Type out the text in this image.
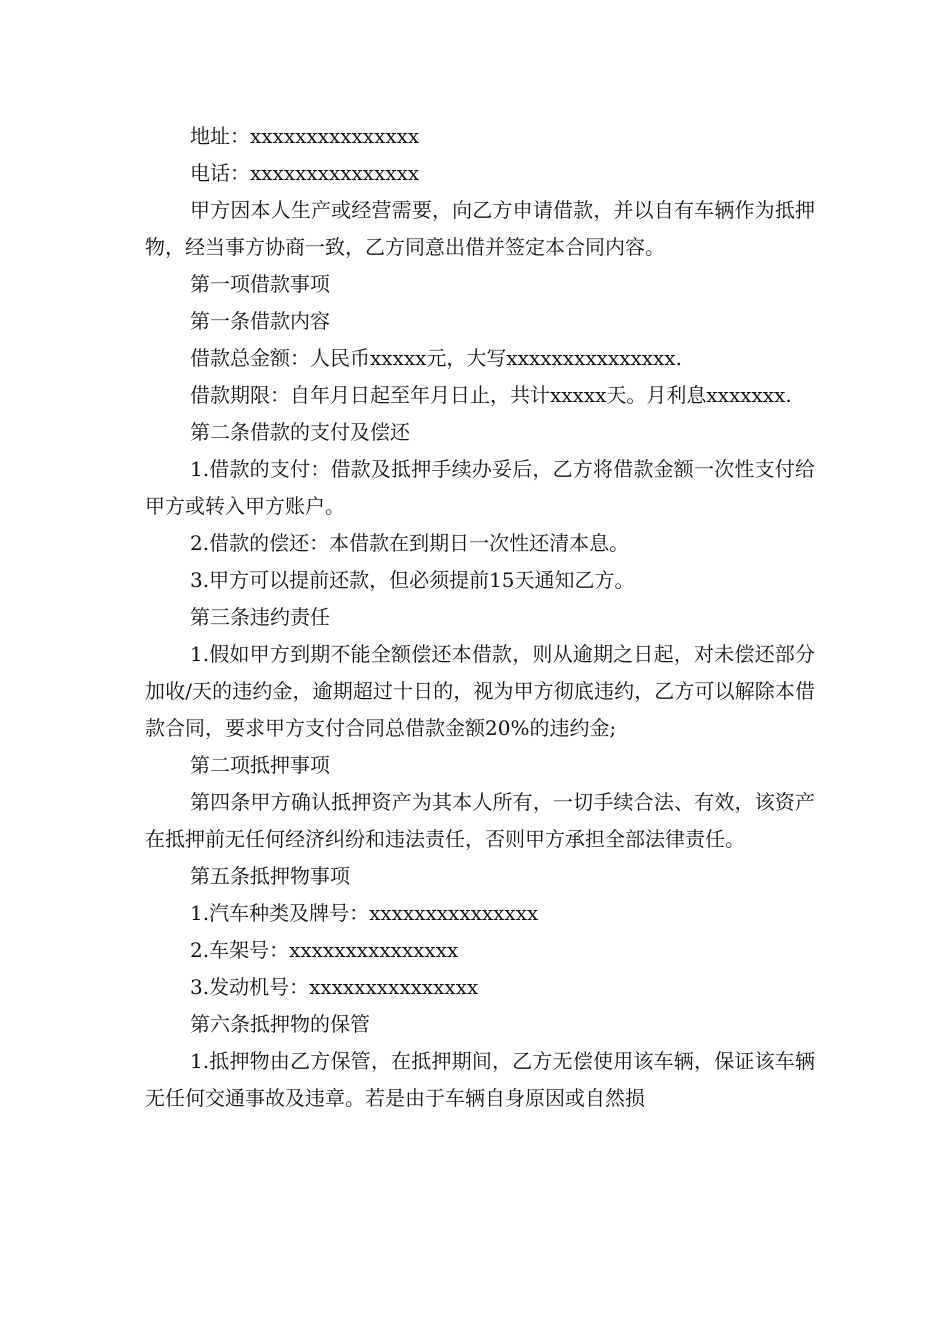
地址：xxxxxxxxxxxxxxx

电话：xxxxxxxxxxxxxxx

甲方因本人生产或经营需要，向乙方申请借款，并以自有车辆作为抵押物，经当事方协商一致，乙方同意出借并签定本合同内容。

第一项借款事项

第一条借款内容

借款总金额：人民币xxxxx元，大写xxxxxxxxxxxxxxx.

借款期限：自年月日起至年月日止，共计xxxxx天。月利息xxxxxxx.

第二条借款的支付及偿还

1.借款的支付：借款及抵押手续办妥后，乙方将借款金额一次性支付给甲方或转入甲方账户。

2.借款的偿还：本借款在到期日一次性还清本息。

3.甲方可以提前还款，但必须提前15天通知乙方。

第三条违约责任

1.假如甲方到期不能全额偿还本借款，则从逾期之日起，对未偿还部分加收/天的违约金，逾期超过十日的，视为甲方彻底违约，乙方可以解除本借款合同，要求甲方支付合同总借款金额20%的违约金;

第二项抵押事项

第四条甲方确认抵押资产为其本人所有，一切手续合法、有效，该资产在抵押前无任何经济纠纷和违法责任，否则甲方承担全部法律责任。

第五条抵押物事项

1.汽车种类及牌号：xxxxxxxxxxxxxxx

2.车架号：xxxxxxxxxxxxxxx

3.发动机号：xxxxxxxxxxxxxxx

第六条抵押物的保管

1.抵押物由乙方保管，在抵押期间，乙方无偿使用该车辆，保证该车辆无任何交通事故及违章。若是由于车辆自身原因或自然损
